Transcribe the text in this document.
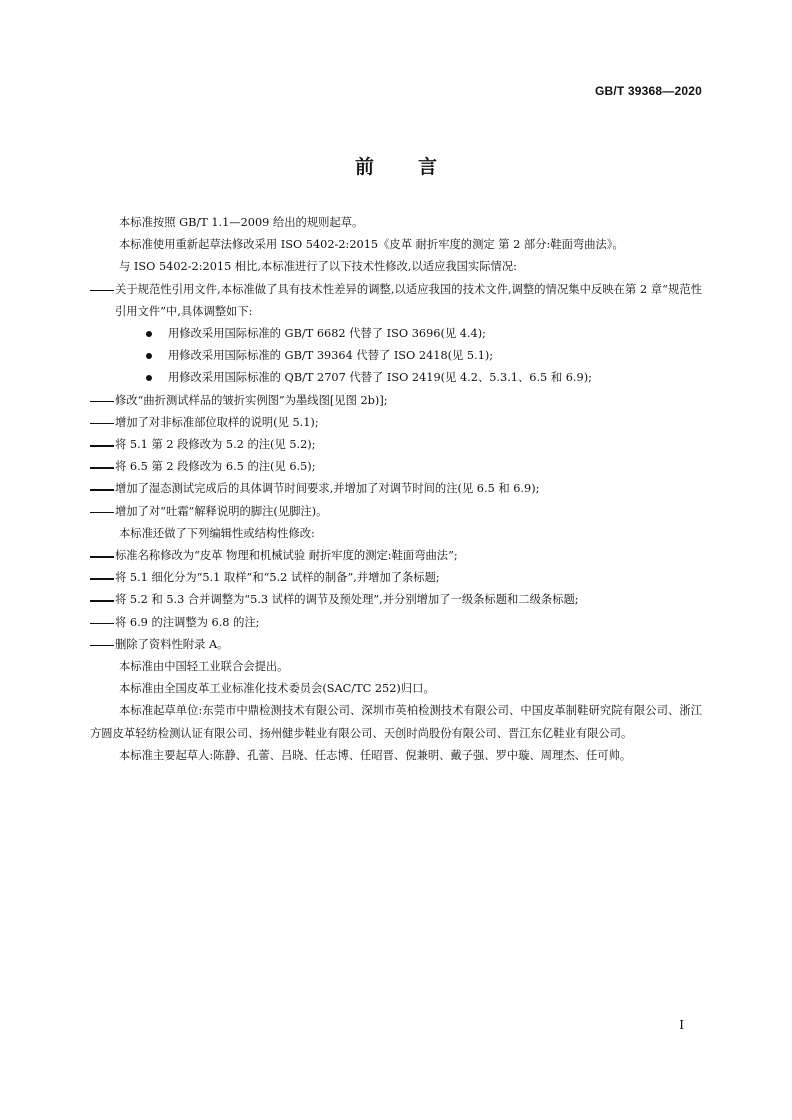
GB/T 39368—2020
前言

本标准按照 GB/T 1.1—2009 给出的规则起草。

本标准使用重新起草法修改采用 ISO 5402-2:2015《皮革 耐折牢度的测定 第 2 部分:鞋面弯曲法》。

与 ISO 5402-2:2015 相比,本标准进行了以下技术性修改,以适应我国实际情况:

关于规范性引用文件,本标准做了具有技术性差异的调整,以适应我国的技术文件,调整的情况集中反映在第 2 章“规范性引用文件”中,具体调整如下:
用修改采用国际标准的 GB/T 6682 代替了 ISO 3696(见 4.4);
用修改采用国际标准的 GB/T 39364 代替了 ISO 2418(见 5.1);
用修改采用国际标准的 QB/T 2707 代替了 ISO 2419(见 4.2、5.3.1、6.5 和 6.9);
修改“曲折测试样品的皱折实例图”为墨线图[见图 2b)];
增加了对非标准部位取样的说明(见 5.1);
将 5.1 第 2 段修改为 5.2 的注(见 5.2);
将 6.5 第 2 段修改为 6.5 的注(见 6.5);
增加了湿态测试完成后的具体调节时间要求,并增加了对调节时间的注(见 6.5 和 6.9);
增加了对“吐霜”解释说明的脚注(见脚注)。

本标准还做了下列编辑性或结构性修改:

标准名称修改为“皮革 物理和机械试验 耐折牢度的测定:鞋面弯曲法”;
将 5.1 细化分为“5.1 取样”和“5.2 试样的制备”,并增加了条标题;
将 5.2 和 5.3 合并调整为“5.3 试样的调节及预处理”,并分别增加了一级条标题和二级条标题;
将 6.9 的注调整为 6.8 的注;
删除了资料性附录 A。

本标准由中国轻工业联合会提出。

本标准由全国皮革工业标准化技术委员会(SAC/TC 252)归口。

本标准起草单位:东莞市中鼎检测技术有限公司、深圳市英柏检测技术有限公司、中国皮革制鞋研究院有限公司、浙江方圆皮革轻纺检测认证有限公司、扬州健步鞋业有限公司、天创时尚股份有限公司、晋江东亿鞋业有限公司。

本标准主要起草人:陈静、孔蕾、吕晓、任志博、任昭晋、倪兼明、戴子强、罗中璇、周理杰、任可帅。

I
